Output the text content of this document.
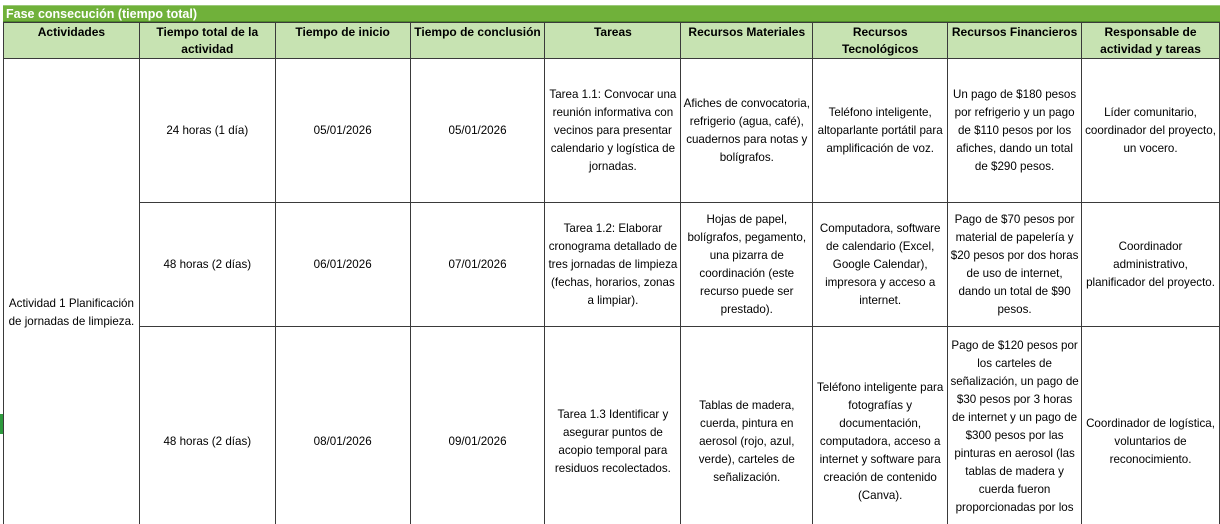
Fase consecución (tiempo total)
Actividades	Tiempo total de la actividad	Tiempo de inicio	Tiempo de conclusión	Tareas	Recursos Materiales	Recursos Tecnológicos	Recursos Financieros	Responsable de actividad y tareas
Actividad 1 Planificación de jornadas de limpieza.	24 horas (1 día)	05/01/2026	05/01/2026	Tarea 1.1: Convocar una reunión informativa con vecinos para presentar calendario y logística de jornadas.	Afiches de convocatoria, refrigerio (agua, café), cuadernos para notas y bolígrafos.	Teléfono inteligente, altoparlante portátil para amplificación de voz.	Un pago de $180 pesos por refrigerio y un pago de $110 pesos por los afiches, dando un total de $290 pesos.	Líder comunitario, coordinador del proyecto, un vocero.
	48 horas (2 días)	06/01/2026	07/01/2026	Tarea 1.2: Elaborar cronograma detallado de tres jornadas de limpieza (fechas, horarios, zonas a limpiar).	Hojas de papel, bolígrafos, pegamento, una pizarra de coordinación (este recurso puede ser prestado).	Computadora, software de calendario (Excel, Google Calendar), impresora y acceso a internet.	Pago de $70 pesos por material de papelería y $20 pesos por dos horas de uso de internet, dando un total de $90 pesos.	Coordinador administrativo, planificador del proyecto.
	48 horas (2 días)	08/01/2026	09/01/2026	Tarea 1.3 Identificar y asegurar puntos de acopio temporal para residuos recolectados.	Tablas de madera, cuerda, pintura en aerosol (rojo, azul, verde), carteles de señalización.	Teléfono inteligente para fotografías y documentación, computadora, acceso a internet y software para creación de contenido (Canva).	Pago de $120 pesos por los carteles de señalización, un pago de $30 pesos por 3 horas de internet y un pago de $300 pesos por las pinturas en aerosol (las tablas de madera y cuerda fueron proporcionadas por los	Coordinador de logística, voluntarios de reconocimiento.
